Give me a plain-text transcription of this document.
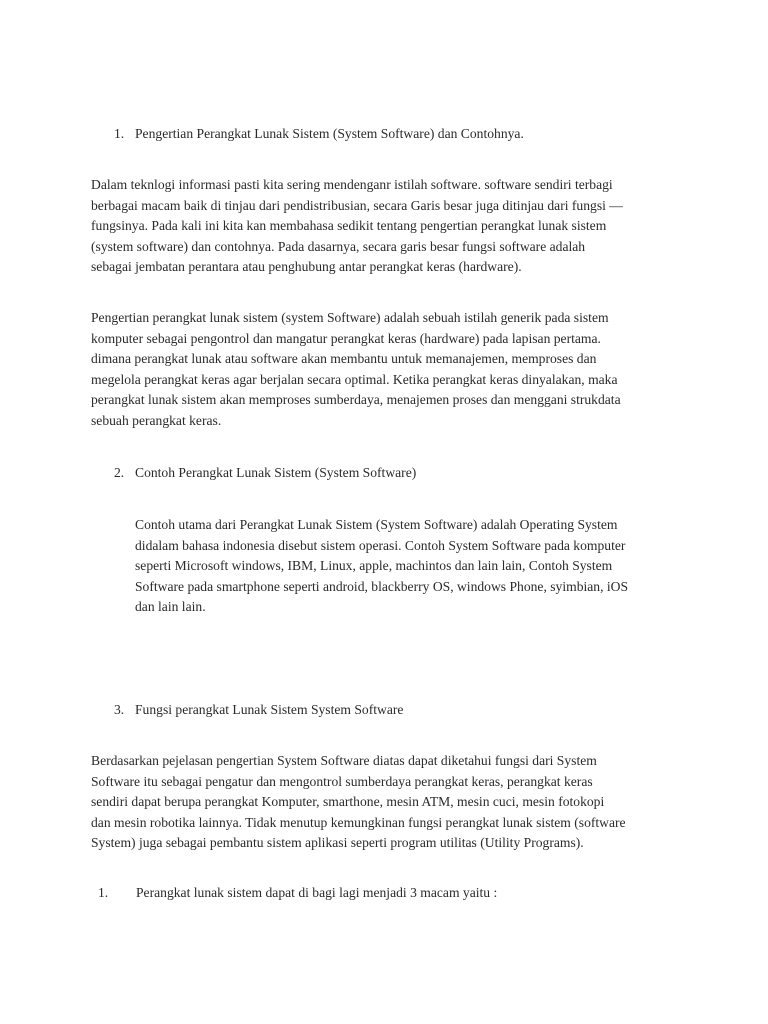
1. Pengertian Perangkat Lunak Sistem (System Software) dan Contohnya.
Dalam teknlogi informasi pasti kita sering mendenganr istilah software. software sendiri terbagi
berbagai macam baik di tinjau dari pendistribusian, secara Garis besar juga ditinjau dari fungsi —
fungsinya. Pada kali ini kita kan membahasa sedikit tentang pengertian perangkat lunak sistem
(system software) dan contohnya. Pada dasarnya, secara garis besar fungsi software adalah
sebagai jembatan perantara atau penghubung antar perangkat keras (hardware).
Pengertian perangkat lunak sistem (system Software) adalah sebuah istilah generik pada sistem
komputer sebagai pengontrol dan mangatur perangkat keras (hardware) pada lapisan pertama.
dimana perangkat lunak atau software akan membantu untuk memanajemen, memproses dan
megelola perangkat keras agar berjalan secara optimal. Ketika perangkat keras dinyalakan, maka
perangkat lunak sistem akan memproses sumberdaya, menajemen proses dan menggani strukdata
sebuah perangkat keras.
2. Contoh Perangkat Lunak Sistem (System Software)
Contoh utama dari Perangkat Lunak Sistem (System Software) adalah Operating System
didalam bahasa indonesia disebut sistem operasi. Contoh System Software pada komputer
seperti Microsoft windows, IBM, Linux, apple, machintos dan lain lain, Contoh System
Software pada smartphone seperti android, blackberry OS, windows Phone, syimbian, iOS
dan lain lain.
3. Fungsi perangkat Lunak Sistem System Software
Berdasarkan pejelasan pengertian System Software diatas dapat diketahui fungsi dari System
Software itu sebagai pengatur dan mengontrol sumberdaya perangkat keras, perangkat keras
sendiri dapat berupa perangkat Komputer, smarthone, mesin ATM, mesin cuci, mesin fotokopi
dan mesin robotika lainnya. Tidak menutup kemungkinan fungsi perangkat lunak sistem (software
System) juga sebagai pembantu sistem aplikasi seperti program utilitas (Utility Programs).
1. Perangkat lunak sistem dapat di bagi lagi menjadi 3 macam yaitu :
